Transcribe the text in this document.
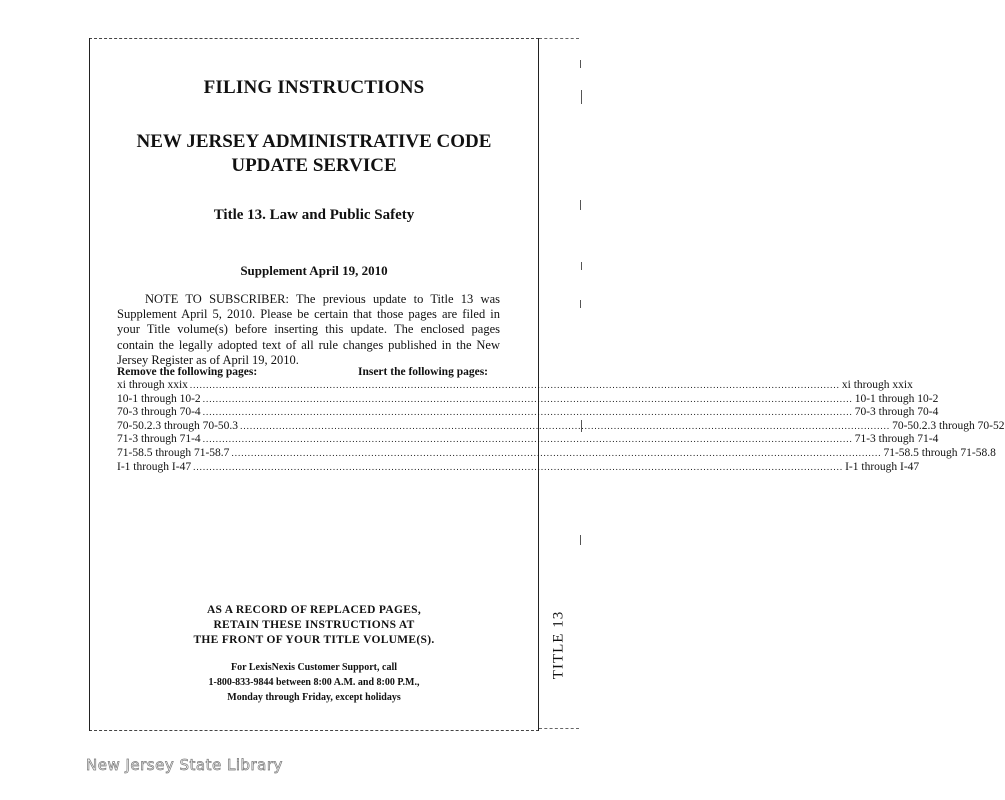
FILING INSTRUCTIONS
NEW JERSEY ADMINISTRATIVE CODE
UPDATE SERVICE
Title 13. Law and Public Safety
Supplement April 19, 2010
NOTE TO SUBSCRIBER: The previous update to Title 13 was Supplement April 5, 2010. Please be certain that those pages are filed in your Title volume(s) before inserting this update. The enclosed pages contain the legally adopted text of all rule changes published in the New Jersey Register as of April 19, 2010.
Remove the following pages:	Insert the following pages:
xi through xxix ........................................................................................................................................................................................................ xi through xxix
10-1 through 10-2 ........................................................................................................................................................................................................ 10-1 through 10-2
70-3 through 70-4 ........................................................................................................................................................................................................ 70-3 through 70-4
70-50.2.3 through 70-50.3 ........................................................................................................................................................................................................ 70-50.2.3 through 70-52
71-3 through 71-4 ........................................................................................................................................................................................................ 71-3 through 71-4
71-58.5 through 71-58.7 ........................................................................................................................................................................................................ 71-58.5 through 71-58.8
I-1 through I-47 ........................................................................................................................................................................................................ I-1 through I-47
AS A RECORD OF REPLACED PAGES,
RETAIN THESE INSTRUCTIONS AT
THE FRONT OF YOUR TITLE VOLUME(S).
For LexisNexis Customer Support, call
1-800-833-9844 between 8:00 A.M. and 8:00 P.M.,
Monday through Friday, except holidays
TITLE 13
New Jersey State Library
